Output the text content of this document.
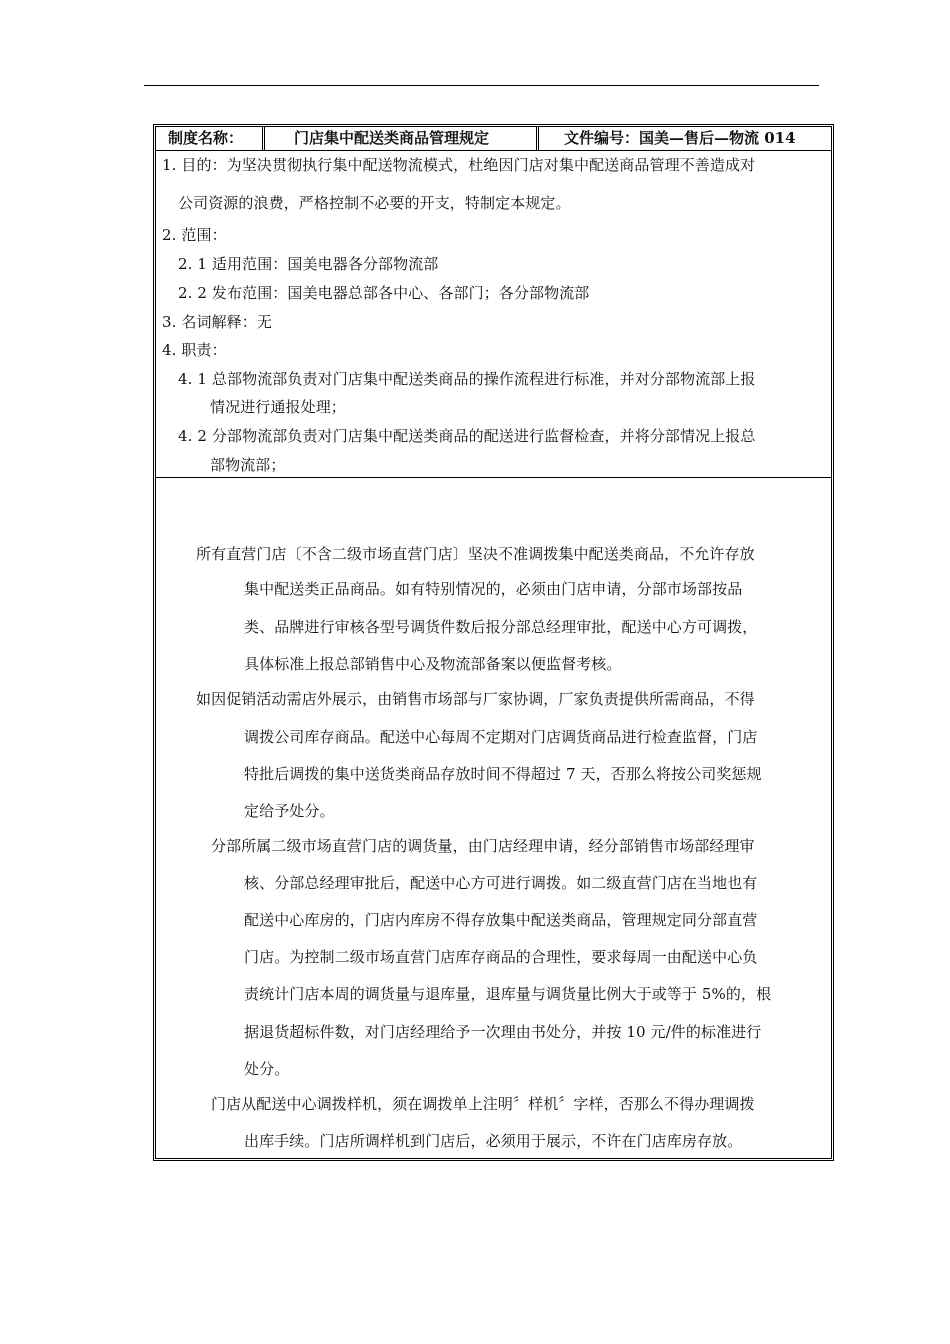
制度名称：	门店集中配送类商品管理规定	文件编号：国美—售后—物流 014
1. 目的：为坚决贯彻执行集中配送物流模式，杜绝因门店对集中配送商品管理不善造成对
公司资源的浪费，严格控制不必要的开支，特制定本规定。
2. 范围：
2. 1 适用范围：国美电器各分部物流部
2. 2 发布范围：国美电器总部各中心、各部门；各分部物流部
3. 名词解释：无
4. 职责：
4. 1 总部物流部负责对门店集中配送类商品的操作流程进行标准，并对分部物流部上报
情况进行通报处理；
4. 2 分部物流部负责对门店集中配送类商品的配送进行监督检查，并将分部情况上报总
部物流部；
所有直营门店〔不含二级市场直营门店〕坚决不准调拨集中配送类商品，不允许存放
集中配送类正品商品。如有特别情况的，必须由门店申请，分部市场部按品
类、品牌进行审核各型号调货件数后报分部总经理审批，配送中心方可调拨，
具体标准上报总部销售中心及物流部备案以便监督考核。
如因促销活动需店外展示，由销售市场部与厂家协调，厂家负责提供所需商品，不得
调拨公司库存商品。配送中心每周不定期对门店调货商品进行检查监督，门店
特批后调拨的集中送货类商品存放时间不得超过 7 天，否那么将按公司奖惩规
定给予处分。
分部所属二级市场直营门店的调货量，由门店经理申请，经分部销售市场部经理审
核、分部总经理审批后，配送中心方可进行调拨。如二级直营门店在当地也有
配送中心库房的，门店内库房不得存放集中配送类商品，管理规定同分部直营
门店。为控制二级市场直营门店库存商品的合理性，要求每周一由配送中心负
责统计门店本周的调货量与退库量，退库量与调货量比例大于或等于 5%的，根
据退货超标件数，对门店经理给予一次理由书处分，并按 10 元/件的标准进行
处分。
门店从配送中心调拨样机，须在调拨单上注明〞样机〞字样，否那么不得办理调拨
出库手续。门店所调样机到门店后，必须用于展示，不许在门店库房存放。
